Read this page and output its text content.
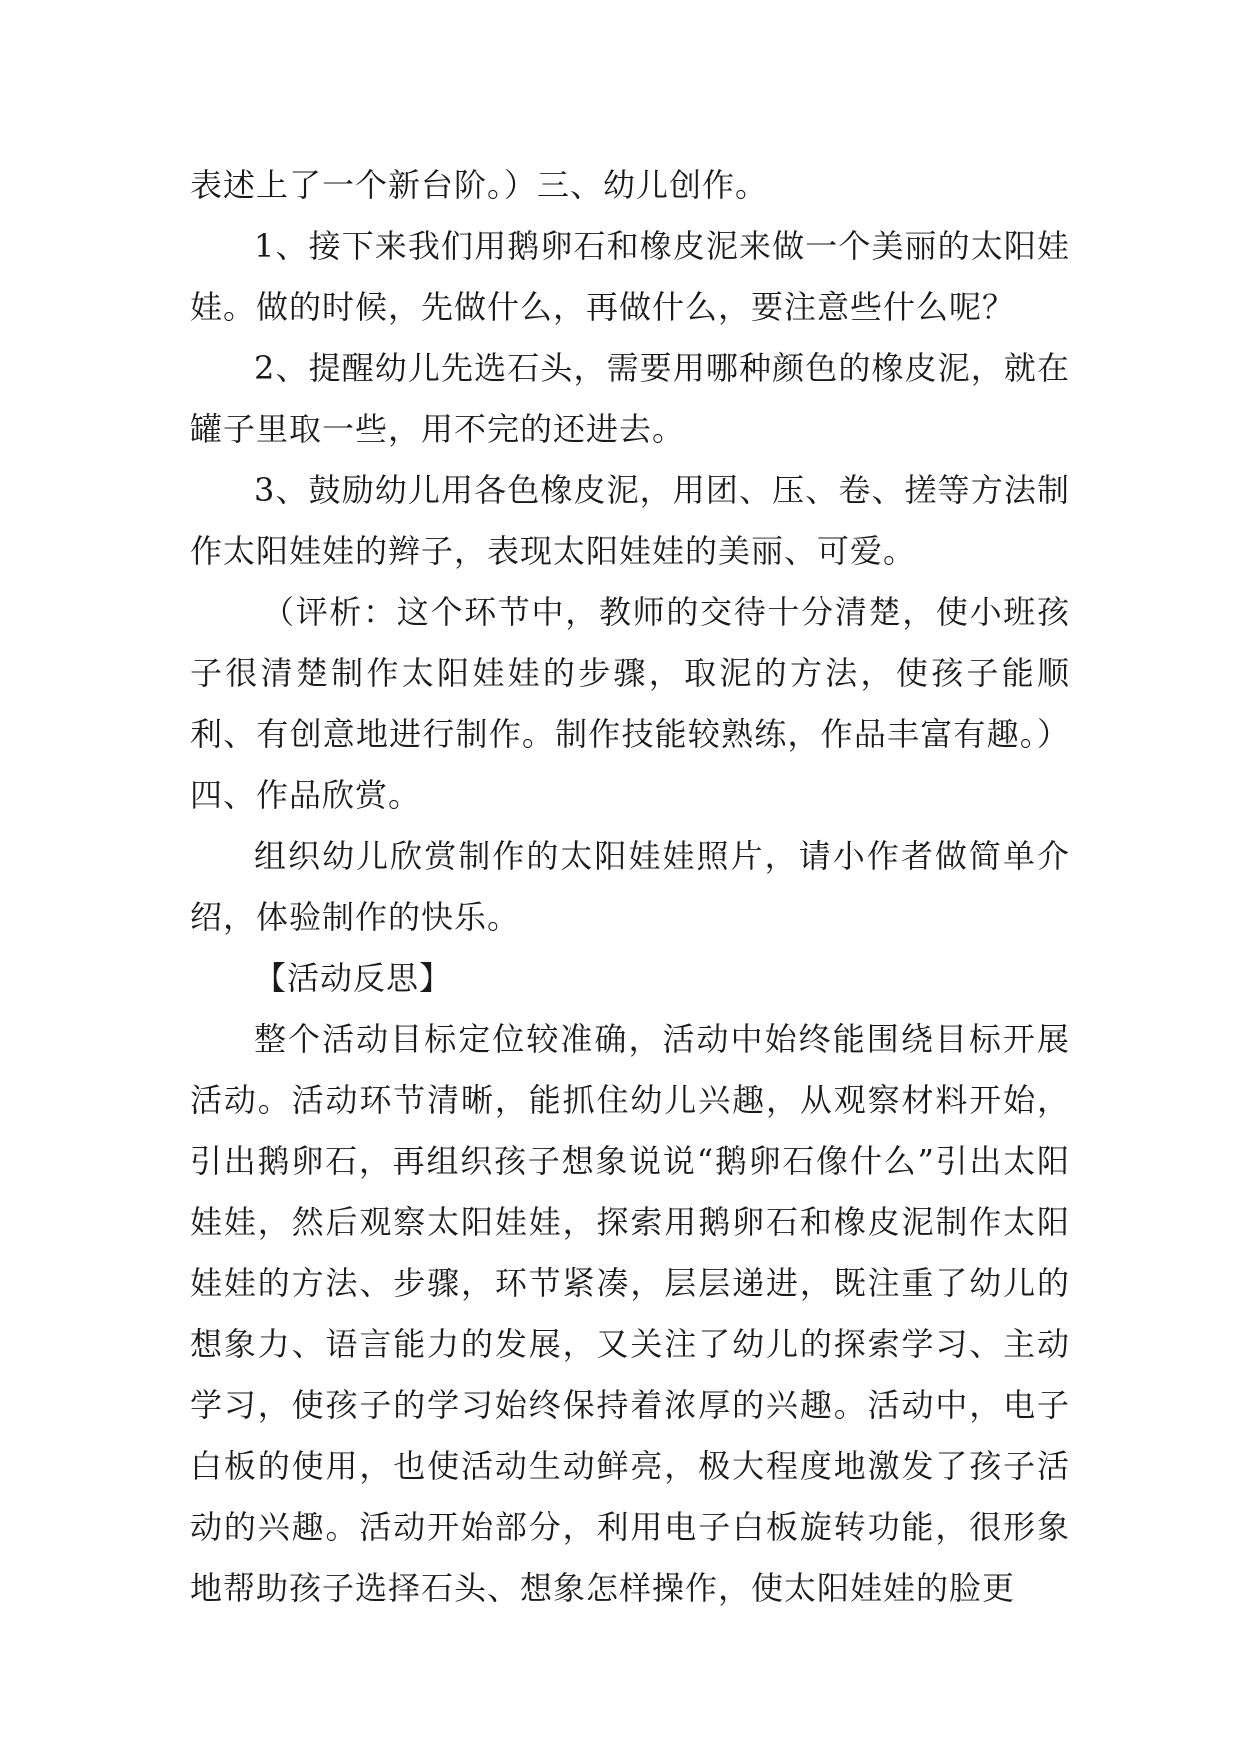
表述上了一个新台阶。）三、幼儿创作。

1、接下来我们用鹅卵石和橡皮泥来做一个美丽的太阳娃娃。做的时候，先做什么，再做什么，要注意些什么呢？

2、提醒幼儿先选石头，需要用哪种颜色的橡皮泥，就在罐子里取一些，用不完的还进去。

3、鼓励幼儿用各色橡皮泥，用团、压、卷、搓等方法制作太阳娃娃的辫子，表现太阳娃娃的美丽、可爱。

（评析：这个环节中，教师的交待十分清楚，使小班孩子很清楚制作太阳娃娃的步骤，取泥的方法，使孩子能顺利、有创意地进行制作。制作技能较熟练，作品丰富有趣。）四、作品欣赏。

组织幼儿欣赏制作的太阳娃娃照片，请小作者做简单介绍，体验制作的快乐。

【活动反思】

整个活动目标定位较准确，活动中始终能围绕目标开展活动。活动环节清晰，能抓住幼儿兴趣，从观察材料开始，引出鹅卵石，再组织孩子想象说说“鹅卵石像什么”引出太阳娃娃，然后观察太阳娃娃，探索用鹅卵石和橡皮泥制作太阳娃娃的方法、步骤，环节紧凑，层层递进，既注重了幼儿的想象力、语言能力的发展，又关注了幼儿的探索学习、主动学习，使孩子的学习始终保持着浓厚的兴趣。活动中，电子白板的使用，也使活动生动鲜亮，极大程度地激发了孩子活动的兴趣。活动开始部分，利用电子白板旋转功能，很形象地帮助孩子选择石头、想象怎样操作，使太阳娃娃的脸更
